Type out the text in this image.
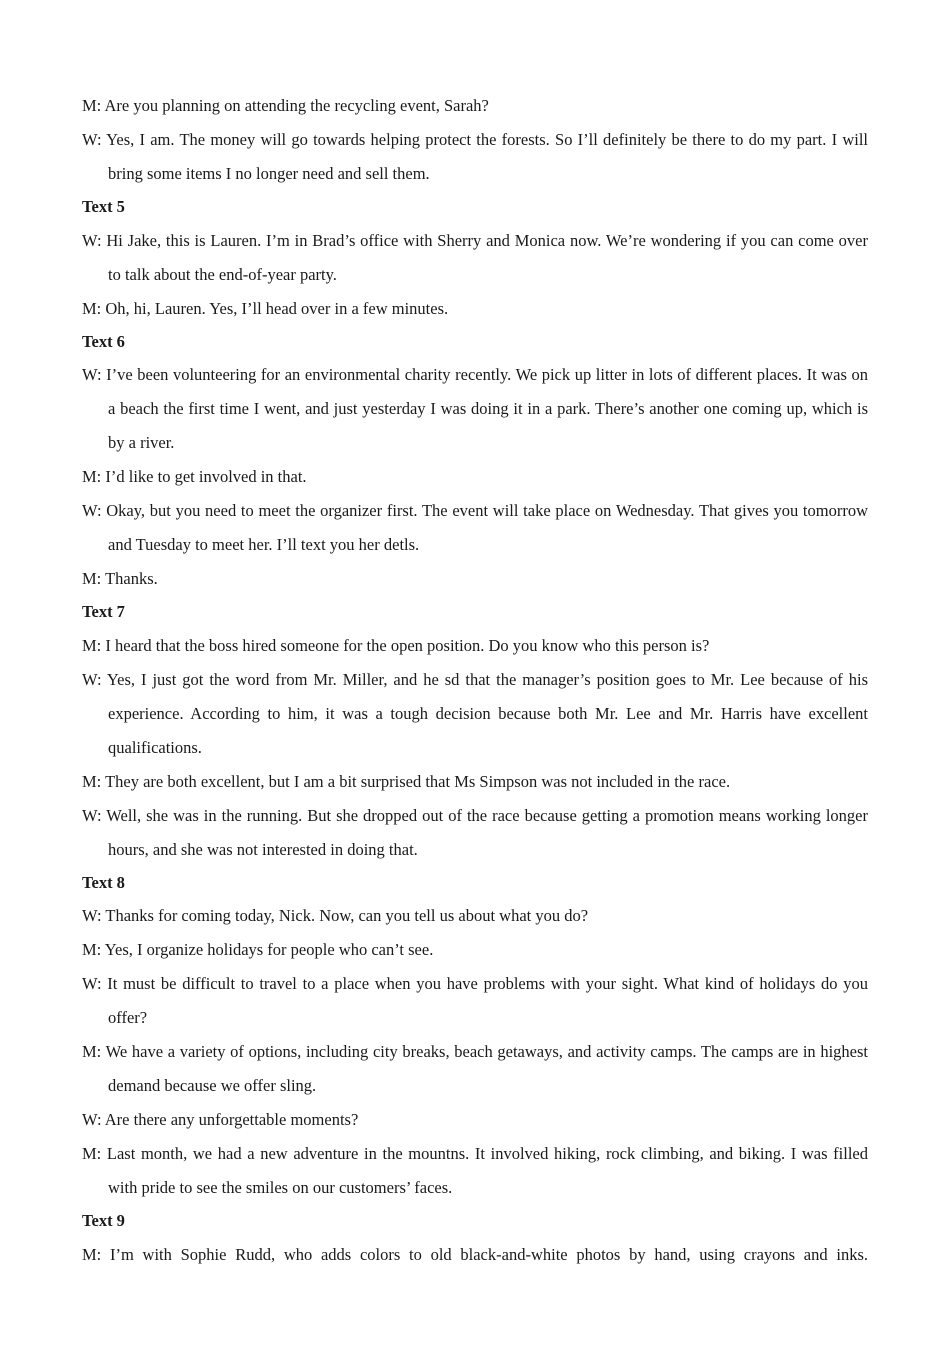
M: Are you planning on attending the recycling event, Sarah?

W: Yes, I am. The money will go towards helping protect the forests. So I’ll definitely be there to do my part. I will bring some items I no longer need and sell them.

Text 5

W: Hi Jake, this is Lauren. I’m in Brad’s office with Sherry and Monica now. We’re wondering if you can come over to talk about the end-of-year party.

M: Oh, hi, Lauren. Yes, I’ll head over in a few minutes.

Text 6

W: I’ve been volunteering for an environmental charity recently. We pick up litter in lots of different places. It was on a beach the first time I went, and just yesterday I was doing it in a park. There’s another one coming up, which is by a river.

M: I’d like to get involved in that.

W: Okay, but you need to meet the organizer first. The event will take place on Wednesday. That gives you tomorrow and Tuesday to meet her. I’ll text you her detls.

M: Thanks.

Text 7

M: I heard that the boss hired someone for the open position. Do you know who this person is?

W: Yes, I just got the word from Mr. Miller, and he sd that the manager’s position goes to Mr. Lee because of his experience. According to him, it was a tough decision because both Mr. Lee and Mr. Harris have excellent qualifications.

M: They are both excellent, but I am a bit surprised that Ms Simpson was not included in the race.

W: Well, she was in the running. But she dropped out of the race because getting a promotion means working longer hours, and she was not interested in doing that.

Text 8

W: Thanks for coming today, Nick. Now, can you tell us about what you do?

M: Yes, I organize holidays for people who can’t see.

W: It must be difficult to travel to a place when you have problems with your sight. What kind of holidays do you offer?

M: We have a variety of options, including city breaks, beach getaways, and activity camps. The camps are in highest demand because we offer sling.

W: Are there any unforgettable moments?

M: Last month, we had a new adventure in the mountns. It involved hiking, rock climbing, and biking. I was filled with pride to see the smiles on our customers’ faces.

Text 9

M: I’m with Sophie Rudd, who adds colors to old black-and-white photos by hand, using crayons and inks.
